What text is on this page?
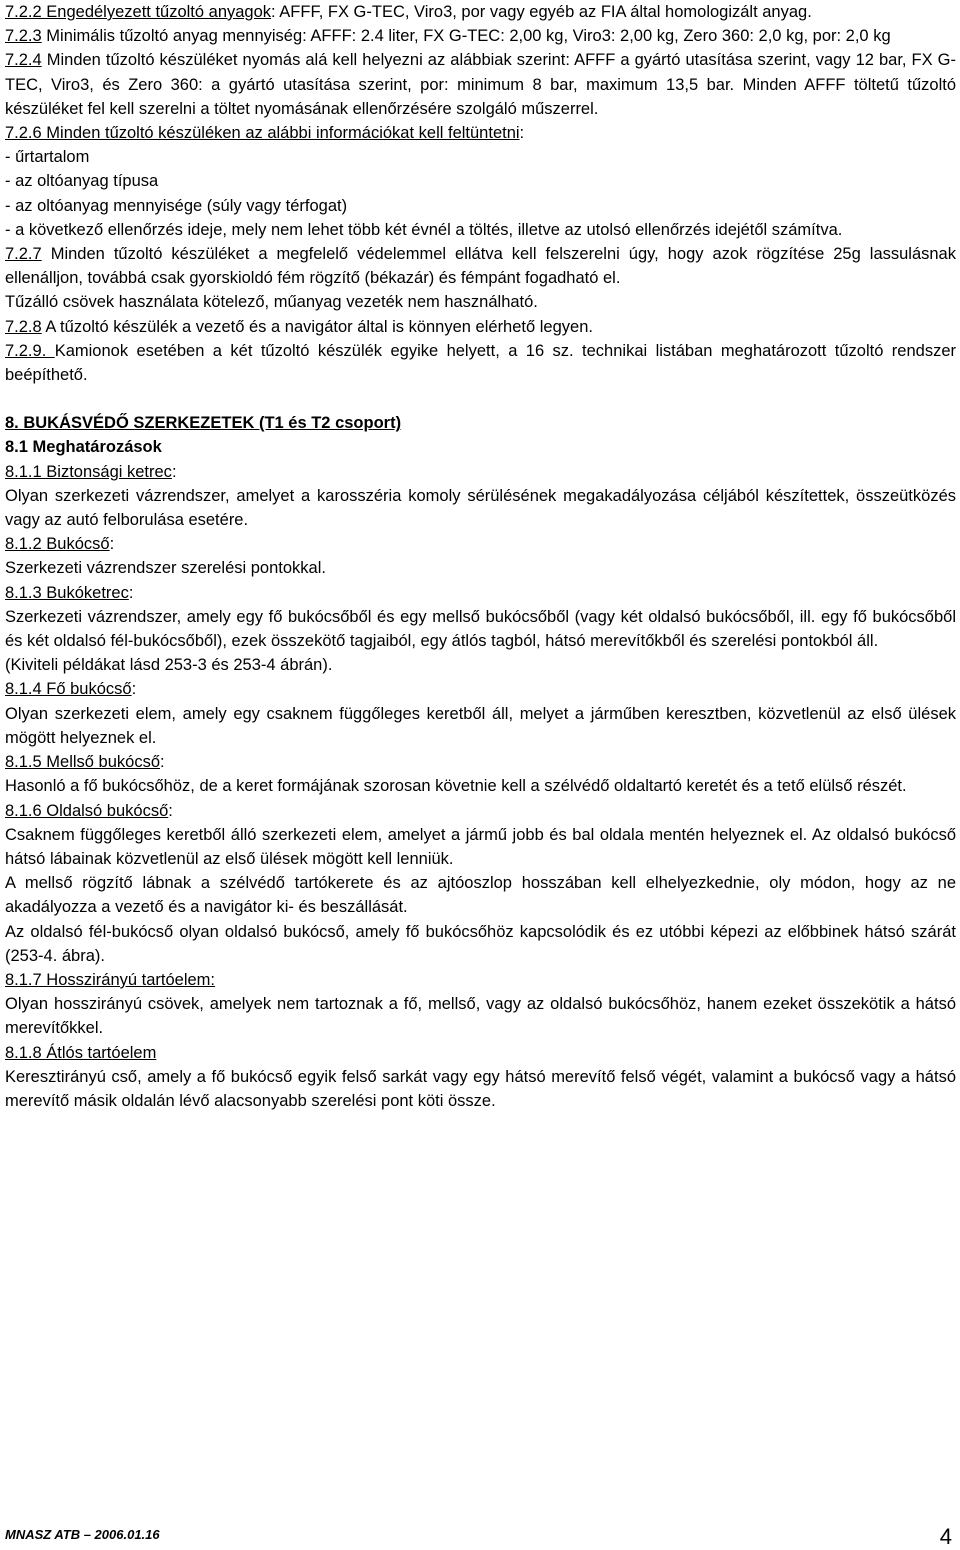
7.2.2 Engedélyezett tűzoltó anyagok: AFFF, FX G-TEC, Viro3, por vagy egyéb az FIA által homologizált anyag.

7.2.3 Minimális tűzoltó anyag mennyiség: AFFF: 2.4 liter, FX G-TEC: 2,00 kg, Viro3: 2,00 kg, Zero 360: 2,0 kg, por: 2,0 kg

7.2.4 Minden tűzoltó készüléket nyomás alá kell helyezni az alábbiak szerint: AFFF a gyártó utasítása szerint, vagy 12 bar, FX G-TEC, Viro3, és Zero 360: a gyártó utasítása szerint, por: minimum 8 bar, maximum 13,5 bar. Minden AFFF töltetű tűzoltó készüléket fel kell szerelni a töltet nyomásának ellenőrzésére szolgáló műszerrel.

7.2.6 Minden tűzoltó készüléken az alábbi információkat kell feltüntetni:

- űrtartalom

- az oltóanyag típusa

- az oltóanyag mennyisége (súly vagy térfogat)

- a következő ellenőrzés ideje, mely nem lehet több két évnél a töltés, illetve az utolsó ellenőrzés idejétől számítva.

7.2.7 Minden tűzoltó készüléket a megfelelő védelemmel ellátva kell felszerelni úgy, hogy azok rögzítése 25g lassulásnak ellenálljon, továbbá csak gyorskioldó fém rögzítő (békazár) és fémpánt fogadható el.

Tűzálló csövek használata kötelező, műanyag vezeték nem használható.

7.2.8 A tűzoltó készülék a vezető és a navigátor által is könnyen elérhető legyen.

7.2.9. Kamionok esetében a két tűzoltó készülék egyike helyett, a 16 sz. technikai listában meghatározott tűzoltó rendszer beépíthető.

8. BUKÁSVÉDŐ SZERKEZETEK (T1 és T2 csoport)

8.1 Meghatározások

8.1.1 Biztonsági ketrec:

Olyan szerkezeti vázrendszer, amelyet a karosszéria komoly sérülésének megakadályozása céljából készítettek, összeütközés vagy az autó felborulása esetére.

8.1.2 Bukócső:

Szerkezeti vázrendszer szerelési pontokkal.

8.1.3 Bukóketrec:

Szerkezeti vázrendszer, amely egy fő bukócsőből és egy mellső bukócsőből (vagy két oldalsó bukócsőből, ill. egy fő bukócsőből és két oldalsó fél-bukócsőből), ezek összekötő tagjaiból, egy átlós tagból, hátsó merevítőkből és szerelési pontokból áll.

(Kiviteli példákat lásd 253-3 és 253-4 ábrán).

8.1.4 Fő bukócső:

Olyan szerkezeti elem, amely egy csaknem függőleges keretből áll, melyet a járműben keresztben, közvetlenül az első ülések mögött helyeznek el.

8.1.5 Mellső bukócső:

Hasonló a fő bukócsőhöz, de a keret formájának szorosan követnie kell a szélvédő oldaltartó keretét és a tető elülső részét.

8.1.6 Oldalsó bukócső:

Csaknem függőleges keretből álló szerkezeti elem, amelyet a jármű jobb és bal oldala mentén helyeznek el. Az oldalsó bukócső hátsó lábainak közvetlenül az első ülések mögött kell lenniük.

A mellső rögzítő lábnak a szélvédő tartókerete és az ajtóoszlop hosszában kell elhelyezkednie, oly módon, hogy az ne akadályozza a vezető és a navigátor ki- és beszállását.

Az oldalsó fél-bukócső olyan oldalsó bukócső, amely fő bukócsőhöz kapcsolódik és ez utóbbi képezi az előbbinek hátsó szárát (253-4. ábra).

8.1.7 Hosszirányú tartóelem:

Olyan hosszirányú csövek, amelyek nem tartoznak a fő, mellső, vagy az oldalsó bukócsőhöz, hanem ezeket összekötik a hátsó merevítőkkel.

8.1.8 Átlós tartóelem

Keresztirányú cső, amely a fő bukócső egyik felső sarkát vagy egy hátsó merevítő felső végét, valamint a bukócső vagy a hátsó merevítő másik oldalán lévő alacsonyabb szerelési pont köti össze.

MNASZ ATB – 2006.01.16	4
